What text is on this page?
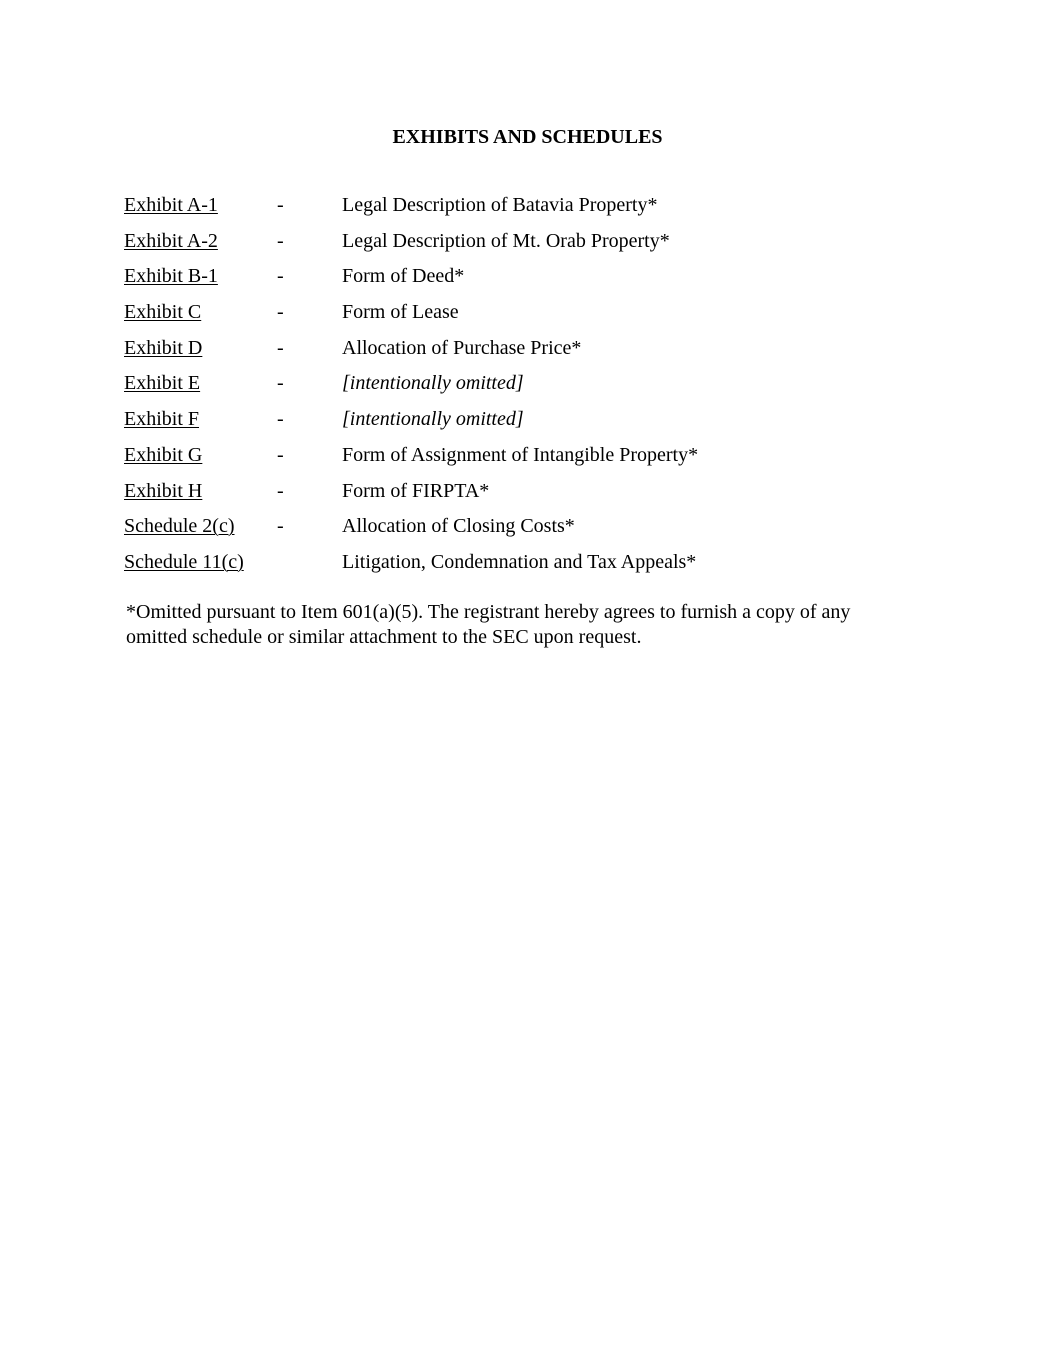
EXHIBITS AND SCHEDULES
Exhibit A-1	-	Legal Description of Batavia Property*
Exhibit A-2	-	Legal Description of Mt. Orab Property*
Exhibit B-1	-	Form of Deed*
Exhibit C	-	Form of Lease
Exhibit D	-	Allocation of Purchase Price*
Exhibit E	-	[intentionally omitted]
Exhibit F	-	[intentionally omitted]
Exhibit G	-	Form of Assignment of Intangible Property*
Exhibit H	-	Form of FIRPTA*
Schedule 2(c) -	Allocation of Closing Costs*
Schedule 11(c)	Litigation, Condemnation and Tax Appeals*
*Omitted pursuant to Item 601(a)(5). The registrant hereby agrees to furnish a copy of any
omitted schedule or similar attachment to the SEC upon request.
